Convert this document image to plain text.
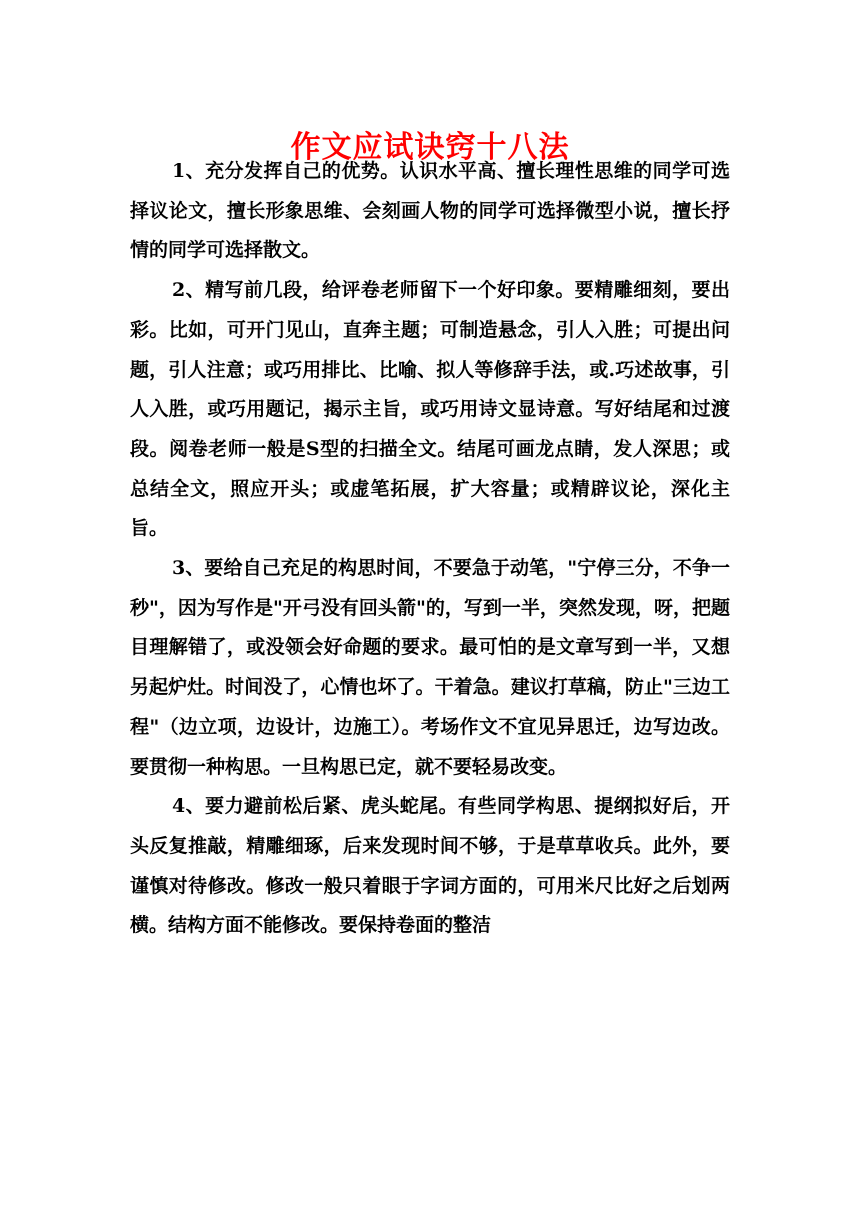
作文应试诀窍十八法

1、充分发挥自己的优势。认识水平高、擅长理性思维的同学可选择议论文，擅长形象思维、会刻画人物的同学可选择微型小说，擅长抒情的同学可选择散文。

2、精写前几段，给评卷老师留下一个好印象。要精雕细刻，要出彩。比如，可开门见山，直奔主题；可制造悬念，引人入胜；可提出问题，引人注意；或巧用排比、比喻、拟人等修辞手法，或.巧述故事，引人入胜，或巧用题记，揭示主旨，或巧用诗文显诗意。写好结尾和过渡段。阅卷老师一般是S型的扫描全文。结尾可画龙点睛，发人深思；或总结全文，照应开头；或虚笔拓展，扩大容量；或精辟议论，深化主旨。

3、要给自己充足的构思时间，不要急于动笔，"宁停三分，不争一秒"，因为写作是"开弓没有回头箭"的，写到一半，突然发现，呀，把题目理解错了，或没领会好命题的要求。最可怕的是文章写到一半，又想另起炉灶。时间没了，心情也坏了。干着急。建议打草稿，防止"三边工程"（边立项，边设计，边施工）。考场作文不宜见异思迁，边写边改。要贯彻一种构思。一旦构思已定，就不要轻易改变。

4、要力避前松后紧、虎头蛇尾。有些同学构思、提纲拟好后，开头反复推敲，精雕细琢，后来发现时间不够，于是草草收兵。此外，要谨慎对待修改。修改一般只着眼于字词方面的，可用米尺比好之后划两横。结构方面不能修改。要保持卷面的整洁
